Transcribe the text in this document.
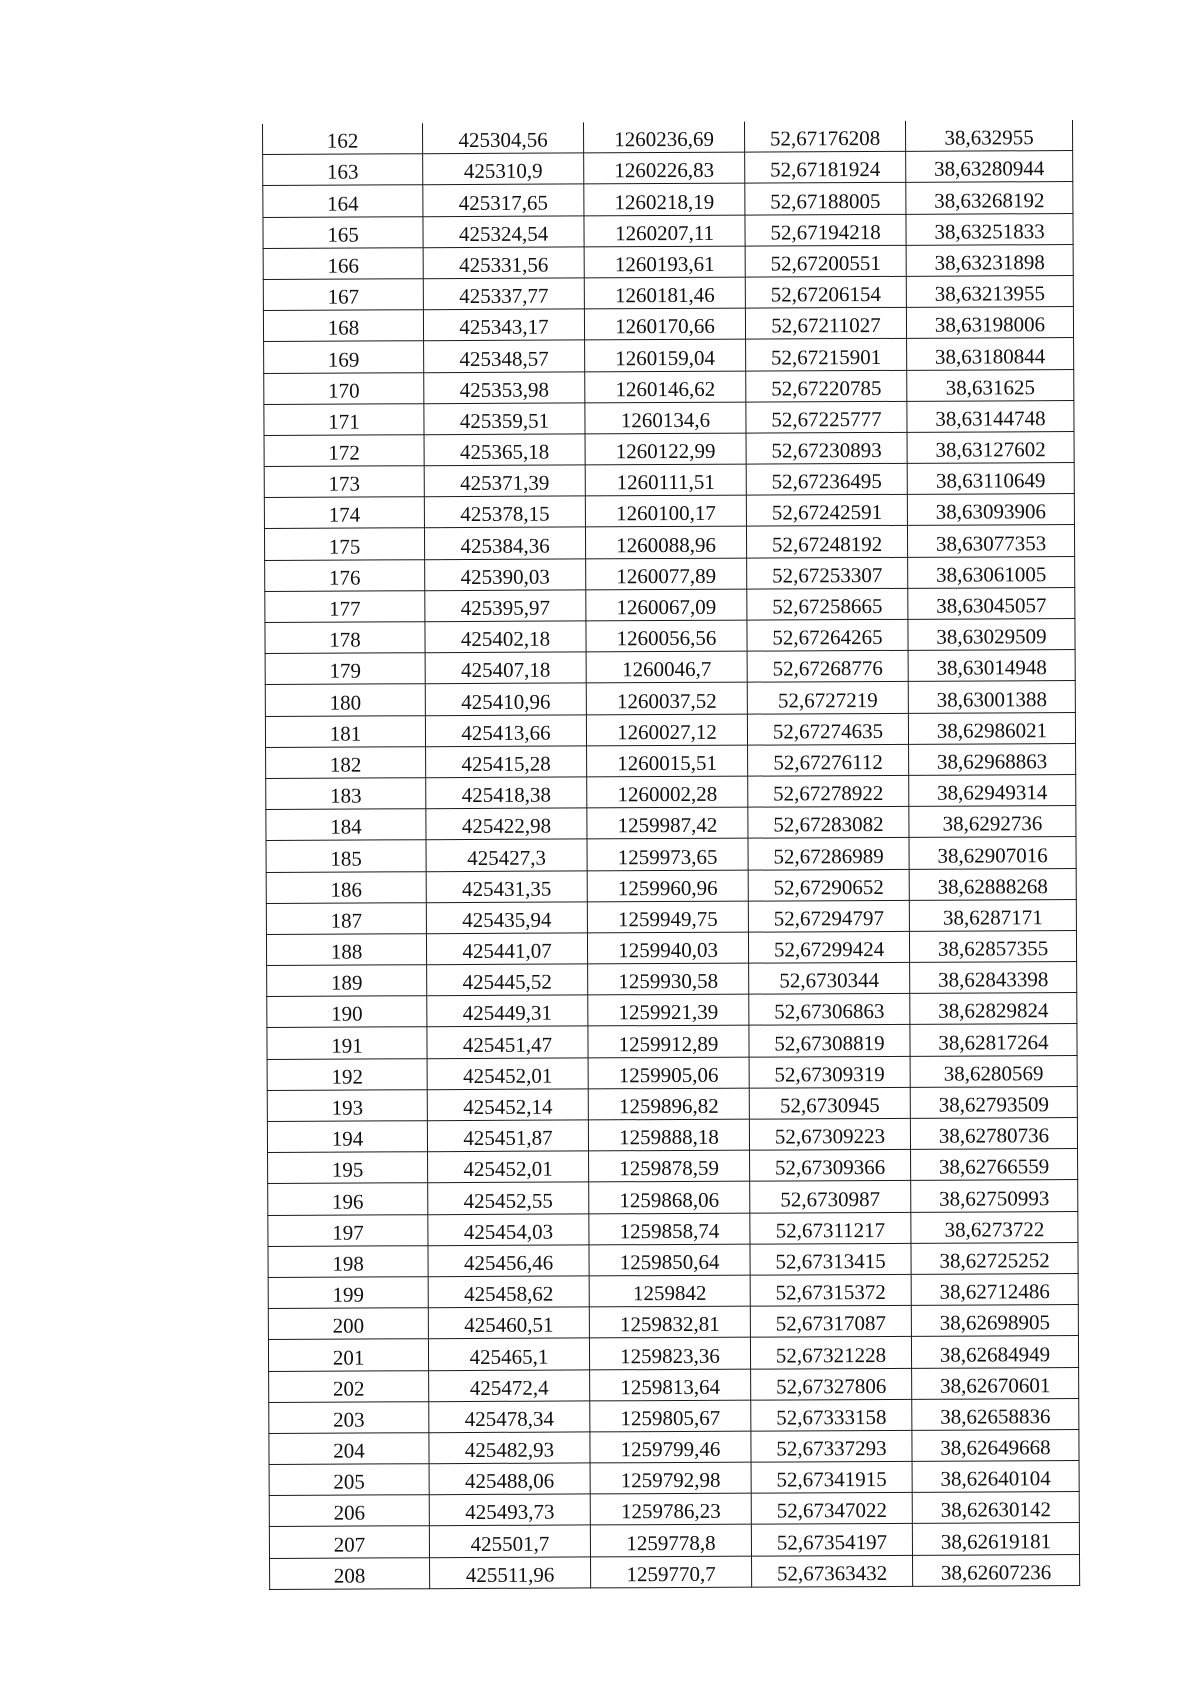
162	425304,56	1260236,69	52,67176208	38,632955
163	425310,9	1260226,83	52,67181924	38,63280944
164	425317,65	1260218,19	52,67188005	38,63268192
165	425324,54	1260207,11	52,67194218	38,63251833
166	425331,56	1260193,61	52,67200551	38,63231898
167	425337,77	1260181,46	52,67206154	38,63213955
168	425343,17	1260170,66	52,67211027	38,63198006
169	425348,57	1260159,04	52,67215901	38,63180844
170	425353,98	1260146,62	52,67220785	38,631625
171	425359,51	1260134,6	52,67225777	38,63144748
172	425365,18	1260122,99	52,67230893	38,63127602
173	425371,39	1260111,51	52,67236495	38,63110649
174	425378,15	1260100,17	52,67242591	38,63093906
175	425384,36	1260088,96	52,67248192	38,63077353
176	425390,03	1260077,89	52,67253307	38,63061005
177	425395,97	1260067,09	52,67258665	38,63045057
178	425402,18	1260056,56	52,67264265	38,63029509
179	425407,18	1260046,7	52,67268776	38,63014948
180	425410,96	1260037,52	52,6727219	38,63001388
181	425413,66	1260027,12	52,67274635	38,62986021
182	425415,28	1260015,51	52,67276112	38,62968863
183	425418,38	1260002,28	52,67278922	38,62949314
184	425422,98	1259987,42	52,67283082	38,6292736
185	425427,3	1259973,65	52,67286989	38,62907016
186	425431,35	1259960,96	52,67290652	38,62888268
187	425435,94	1259949,75	52,67294797	38,6287171
188	425441,07	1259940,03	52,67299424	38,62857355
189	425445,52	1259930,58	52,6730344	38,62843398
190	425449,31	1259921,39	52,67306863	38,62829824
191	425451,47	1259912,89	52,67308819	38,62817264
192	425452,01	1259905,06	52,67309319	38,6280569
193	425452,14	1259896,82	52,6730945	38,62793509
194	425451,87	1259888,18	52,67309223	38,62780736
195	425452,01	1259878,59	52,67309366	38,62766559
196	425452,55	1259868,06	52,6730987	38,62750993
197	425454,03	1259858,74	52,67311217	38,6273722
198	425456,46	1259850,64	52,67313415	38,62725252
199	425458,62	1259842	52,67315372	38,62712486
200	425460,51	1259832,81	52,67317087	38,62698905
201	425465,1	1259823,36	52,67321228	38,62684949
202	425472,4	1259813,64	52,67327806	38,62670601
203	425478,34	1259805,67	52,67333158	38,62658836
204	425482,93	1259799,46	52,67337293	38,62649668
205	425488,06	1259792,98	52,67341915	38,62640104
206	425493,73	1259786,23	52,67347022	38,62630142
207	425501,7	1259778,8	52,67354197	38,62619181
208	425511,96	1259770,7	52,67363432	38,62607236
